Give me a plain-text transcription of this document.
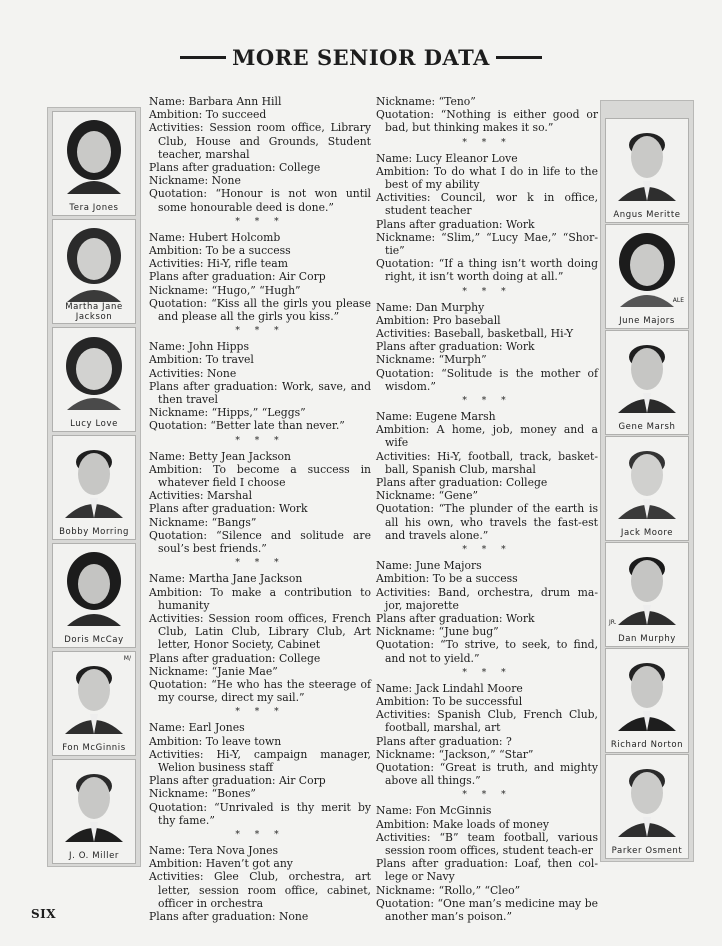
MORE SENIOR DATA
Tera Jones
Martha Jane Jackson
Lucy Love
Bobby Morring
Doris McCay
M/
Fon McGinnis
J. O. Miller

Name: Barbara Ann Hill

Ambition: To succeed

Activities: Session room office, Library Club, House and Grounds, Student teacher, marshal

Plans after graduation: College

Nickname: None

Quotation: “Honour is not won until some honourable deed is done.”

* * *

Name: Hubert Holcomb

Ambition: To be a success

Activities: Hi-Y, rifle team

Plans after graduation: Air Corp

Nickname: “Hugo,” “Hugh”

Quotation: “Kiss all the girls you please and please all the girls you kiss.”

* * *

Name: John Hipps

Ambition: To travel

Activities: None

Plans after graduation: Work, save, and then travel

Nickname: “Hipps,” “Leggs”

Quotation: “Better late than never.”

* * *

Name: Betty Jean Jackson

Ambition: To become a success in whatever field I choose

Activities: Marshal

Plans after graduation: Work

Nickname: “Bangs”

Quotation: “Silence and solitude are soul’s best friends.”

* * *

Name: Martha Jane Jackson

Ambition: To make a contribution to humanity

Activities: Session room offices, French Club, Latin Club, Library Club, Art letter, Honor Society, Cabinet

Plans after graduation: College

Nickname: “Janie Mae”

Quotation: “He who has the steerage of my course, direct my sail.”

* * *

Name: Earl Jones

Ambition: To leave town

Activities: Hi-Y, campaign manager, Welion business staff

Plans after graduation: Air Corp

Nickname: “Bones”

Quotation: “Unrivaled is thy merit by thy fame.”

* * *

Name: Tera Nova Jones

Ambition: Haven’t got any

Activities: Glee Club, orchestra, art letter, session room office, cabinet, officer in orchestra

Plans after graduation: None

Nickname: “Teno”

Quotation: “Nothing is either good or bad, but thinking makes it so.”

* * *

Name: Lucy Eleanor Love

Ambition: To do what I do in life to the best of my ability

Activities: Council, wor k in office, student teacher

Plans after graduation: Work

Nickname: “Slim,” “Lucy Mae,” “Shor-tie”

Quotation: “If a thing isn’t worth doing right, it isn’t worth doing at all.”

* * *

Name: Dan Murphy

Ambition: Pro baseball

Activities: Baseball, basketball, Hi-Y

Plans after graduation: Work

Nickname: “Murph”

Quotation: “Solitude is the mother of wisdom.”

* * *

Name: Eugene Marsh

Ambition: A home, job, money and a wife

Activities: Hi-Y, football, track, basket-ball, Spanish Club, marshal

Plans after graduation: College

Nickname: “Gene”

Quotation: “The plunder of the earth is all his own, who travels the fast-est and travels alone.”

* * *

Name: June Majors

Ambition: To be a success

Activities: Band, orchestra, drum ma-jor, majorette

Plans after graduation: Work

Nickname: “June bug”

Quotation: “To strive, to seek, to find, and not to yield.”

* * *

Name: Jack Lindahl Moore

Ambition: To be successful

Activities: Spanish Club, French Club, football, marshal, art

Plans after graduation: ?

Nickname: “Jackson,” “Star”

Quotation: “Great is truth, and mighty above all things.”

* * *

Name: Fon McGinnis

Ambition: Make loads of money

Activities: “B” team football, various session room offices, student teach-er

Plans after graduation: Loaf, then col-lege or Navy

Nickname: “Rollo,” “Cleo”

Quotation: “One man’s medicine may be another man’s poison.”

Angus Meritte
ALE
June Majors
Gene Marsh
Jack Moore
JR.
Dan Murphy
Richard Norton
Parker Osment
SIX
